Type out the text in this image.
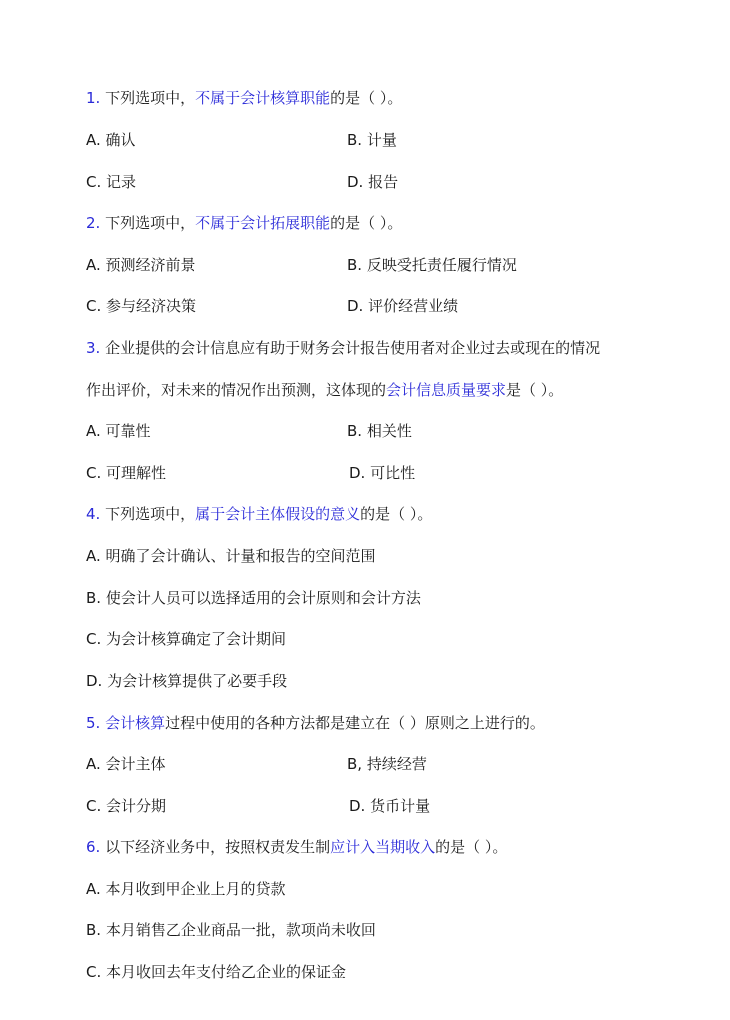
1. 下列选项中，不属于会计核算职能的是（ ）。
A. 确认	B. 计量
C. 记录	D. 报告
2. 下列选项中，不属于会计拓展职能的是（ ）。
A. 预测经济前景	B. 反映受托责任履行情况
C. 参与经济决策	D. 评价经营业绩
3. 企业提供的会计信息应有助于财务会计报告使用者对企业过去或现在的情况
作出评价，对未来的情况作出预测，这体现的会计信息质量要求是（ ）。
A. 可靠性	B. 相关性
C. 可理解性	D. 可比性
4. 下列选项中，属于会计主体假设的意义的是（ ）。
A. 明确了会计确认、计量和报告的空间范围
B. 使会计人员可以选择适用的会计原则和会计方法
C. 为会计核算确定了会计期间
D. 为会计核算提供了必要手段
5. 会计核算过程中使用的各种方法都是建立在（ ）原则之上进行的。
A. 会计主体	B, 持续经营
C. 会计分期	D. 货币计量
6. 以下经济业务中，按照权责发生制应计入当期收入的是（ ）。
A. 本月收到甲企业上月的贷款
B. 本月销售乙企业商品一批，款项尚未收回
C. 本月收回去年支付给乙企业的保证金
